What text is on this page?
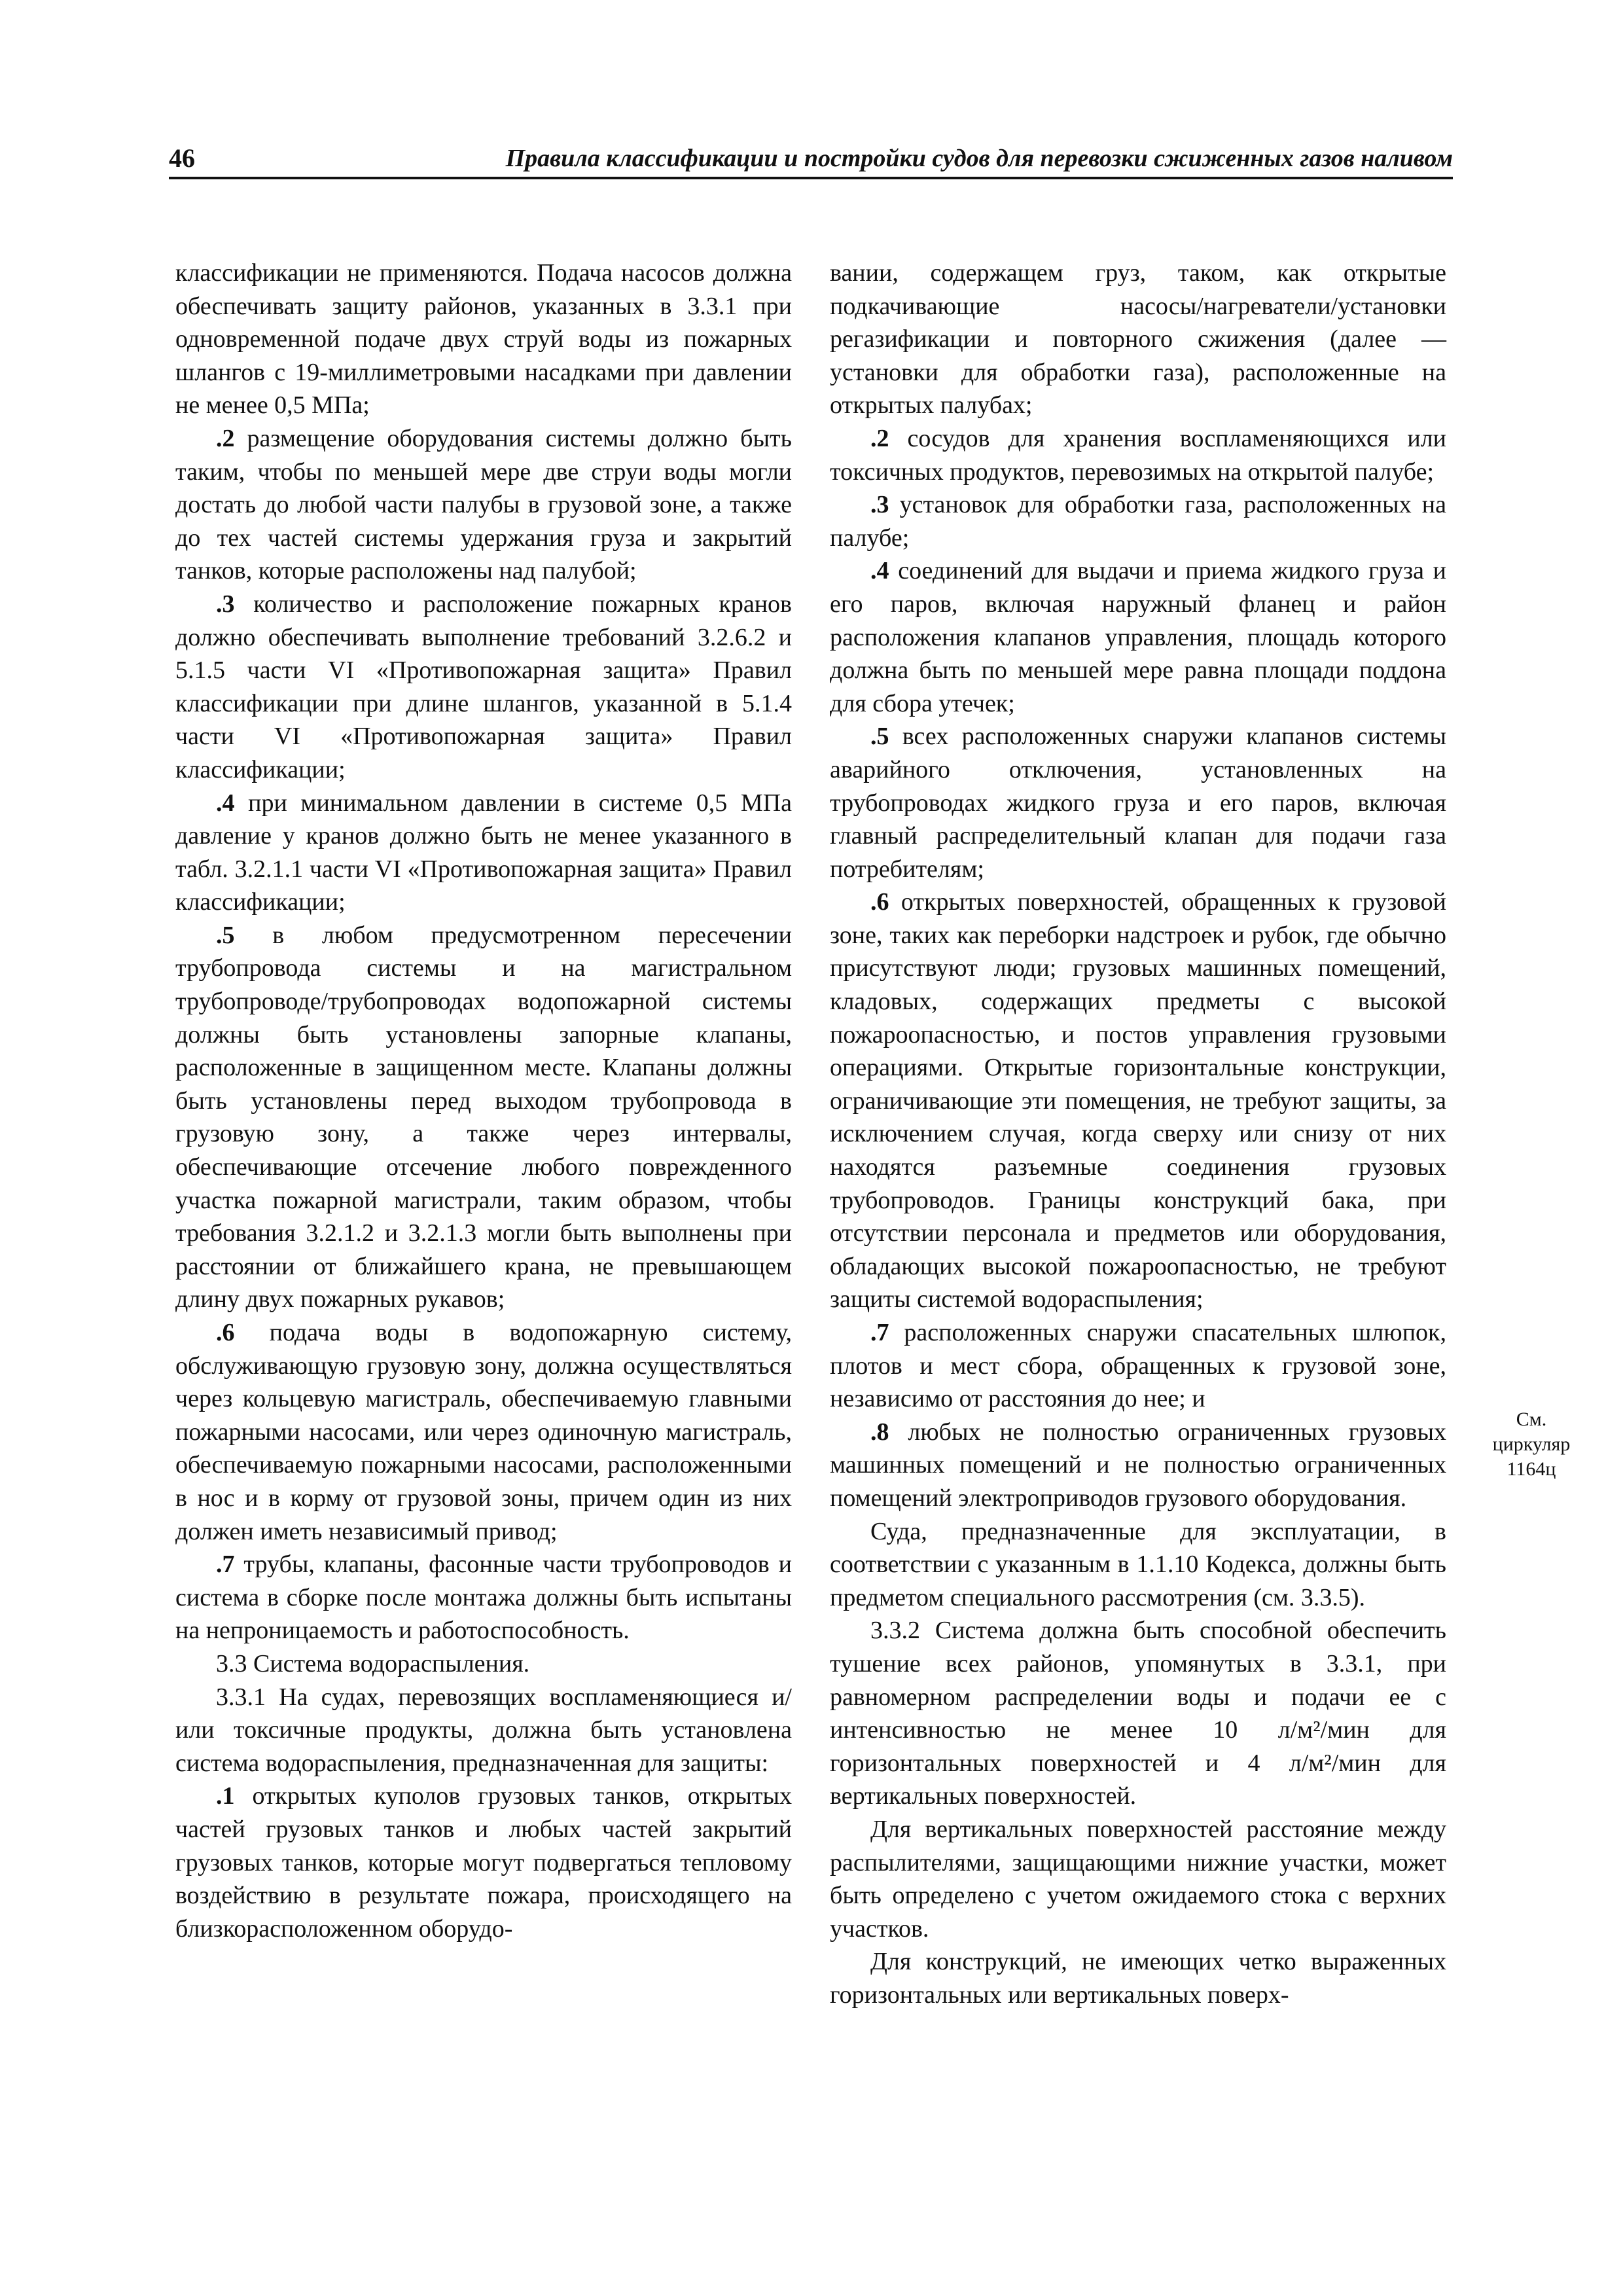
46	Правила классификации и постройки судов для перевозки сжиженных газов наливом

классификации не применяются. Подача насосов должна обеспечивать защиту районов, указанных в 3.3.1 при одновременной подаче двух струй воды из пожарных шлангов с 19-миллиметровыми насадками при давлении не менее 0,5 МПа;

.2 размещение оборудования системы должно быть таким, чтобы по меньшей мере две струи воды могли достать до любой части палубы в грузовой зоне, а также до тех частей системы удержания груза и закрытий танков, которые расположены над палубой;

.3 количество и расположение пожарных кранов должно обеспечивать выполнение требований 3.2.6.2 и 5.1.5 части VI «Противопожарная защита» Правил классификации при длине шлангов, указанной в 5.1.4 части VI «Противопожарная защита» Правил классификации;

.4 при минимальном давлении в системе 0,5 МПа давление у кранов должно быть не менее указанного в табл. 3.2.1.1 части VI «Противопожарная защита» Правил классификации;

.5 в любом предусмотренном пересечении трубопровода системы и на магистральном трубопроводе/трубопроводах водопожарной системы должны быть установлены запорные клапаны, расположенные в защищенном месте. Клапаны должны быть установлены перед выходом трубопровода в грузовую зону, а также через интервалы, обеспечивающие отсечение любого поврежденного участка пожарной магистрали, таким образом, чтобы требования 3.2.1.2 и 3.2.1.3 могли быть выполнены при расстоянии от ближайшего крана, не превышающем длину двух пожарных рукавов;

.6 подача воды в водопожарную систему, обслуживающую грузовую зону, должна осуществляться через кольцевую магистраль, обеспечиваемую главными пожарными насосами, или через одиночную магистраль, обеспечиваемую пожарными насосами, расположенными в нос и в корму от грузовой зоны, причем один из них должен иметь независимый привод;

.7 трубы, клапаны, фасонные части трубопроводов и система в сборке после монтажа должны быть испытаны на непроницаемость и работоспособность.

3.3 Система водораспыления.

3.3.1 На судах, перевозящих воспламеняющиеся и/или токсичные продукты, должна быть установлена система водораспыления, предназначенная для защиты:

.1 открытых куполов грузовых танков, открытых частей грузовых танков и любых частей закрытий грузовых танков, которые могут подвергаться тепловому воздействию в результате пожара, происходящего на близкорасположенном оборудо-

вании, содержащем груз, таком, как открытые подкачивающие насосы/нагреватели/установки регазификации и повторного сжижения (далее — установки для обработки газа), расположенные на открытых палубах;

.2 сосудов для хранения воспламеняющихся или токсичных продуктов, перевозимых на открытой палубе;

.3 установок для обработки газа, расположенных на палубе;

.4 соединений для выдачи и приема жидкого груза и его паров, включая наружный фланец и район расположения клапанов управления, площадь которого должна быть по меньшей мере равна площади поддона для сбора утечек;

.5 всех расположенных снаружи клапанов системы аварийного отключения, установленных на трубопроводах жидкого груза и его паров, включая главный распределительный клапан для подачи газа потребителям;

.6 открытых поверхностей, обращенных к грузовой зоне, таких как переборки надстроек и рубок, где обычно присутствуют люди; грузовых машинных помещений, кладовых, содержащих предметы с высокой пожароопасностью, и постов управления грузовыми операциями. Открытые горизонтальные конструкции, ограничивающие эти помещения, не требуют защиты, за исключением случая, когда сверху или снизу от них находятся разъемные соединения грузовых трубопроводов. Границы конструкций бака, при отсутствии персонала и предметов или оборудования, обладающих высокой пожароопасностью, не требуют защиты системой водораспыления;

.7 расположенных снаружи спасательных шлюпок, плотов и мест сбора, обращенных к грузовой зоне, независимо от расстояния до нее; и

.8 любых не полностью ограниченных грузовых машинных помещений и не полностью ограниченных помещений электроприводов грузового оборудования.

Суда, предназначенные для эксплуатации, в соответствии с указанным в 1.1.10 Кодекса, должны быть предметом специального рассмотрения (см. 3.3.5).

3.3.2 Система должна быть способной обеспечить тушение всех районов, упомянутых в 3.3.1, при равномерном распределении воды и подачи ее с интенсивностью не менее 10 л/м²/мин для горизонтальных поверхностей и 4 л/м²/мин для вертикальных поверхностей.

Для вертикальных поверхностей расстояние между распылителями, защищающими нижние участки, может быть определено с учетом ожидаемого стока с верхних участков.

Для конструкций, не имеющих четко выраженных горизонтальных или вертикальных поверх-

См. циркуляр 1164ц
